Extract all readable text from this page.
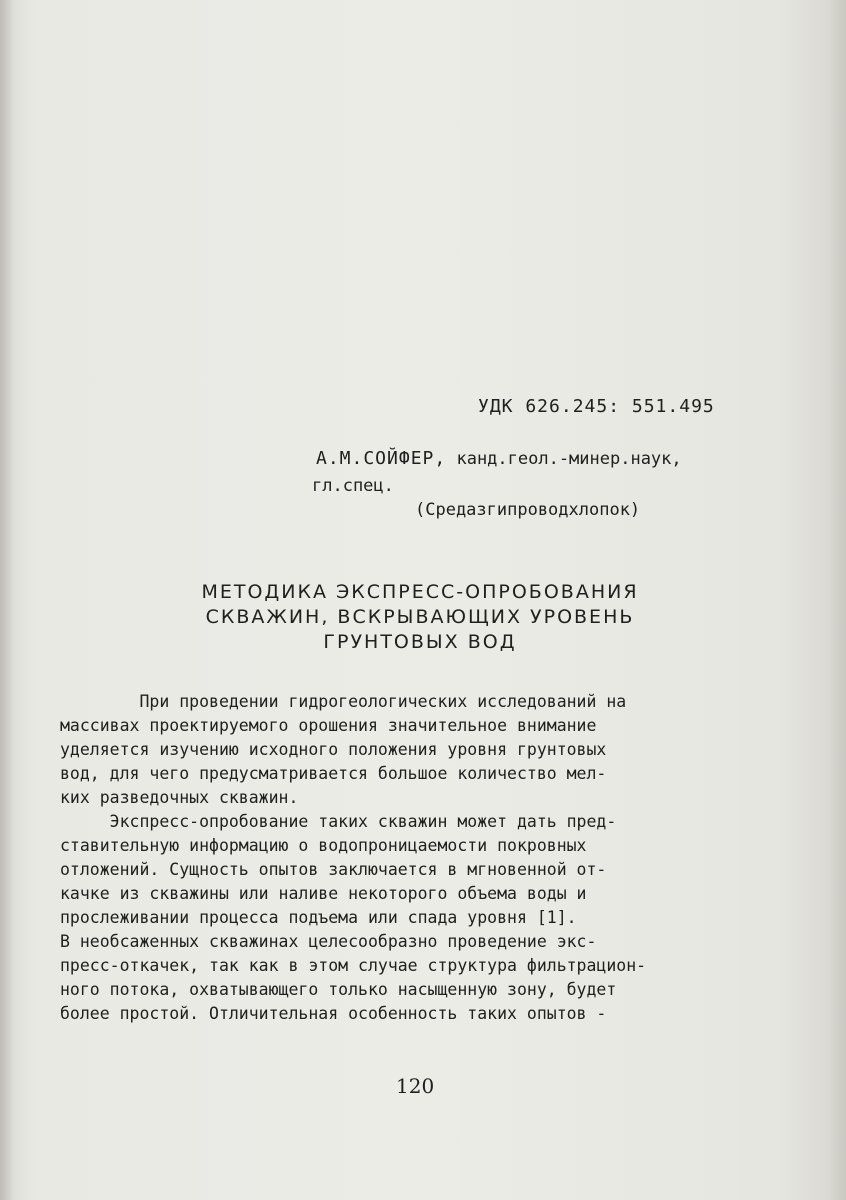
УДК 626.245: 551.495
А.М.СОЙФЕР, канд.геол.-минер.наук,
гл.спец.
(Средазгипроводхлопок)
МЕТОДИКА ЭКСПРЕСС-ОПРОБОВАНИЯ
СКВАЖИН, ВСКРЫВАЮЩИХ УРОВЕНЬ
ГРУНТОВЫХ ВОД
При проведении гидрогеологических исследований на
массивах проектируемого орошения значительное внимание
уделяется изучению исходного положения уровня грунтовых
вод, для чего предусматривается большое количество мел-
ких разведочных скважин.
Экспресс-опробование таких скважин может дать пред-
ставительную информацию о водопроницаемости покровных
отложений. Сущность опытов заключается в мгновенной от-
качке из скважины или наливе некоторого объема воды и
прослеживании процесса подъема или спада уровня [1].
В необсаженных скважинах целесообразно проведение экс-
пресс-откачек, так как в этом случае структура фильтрацион-
ного потока, охватывающего только насыщенную зону, будет
более простой. Отличительная особенность таких опытов -
120
